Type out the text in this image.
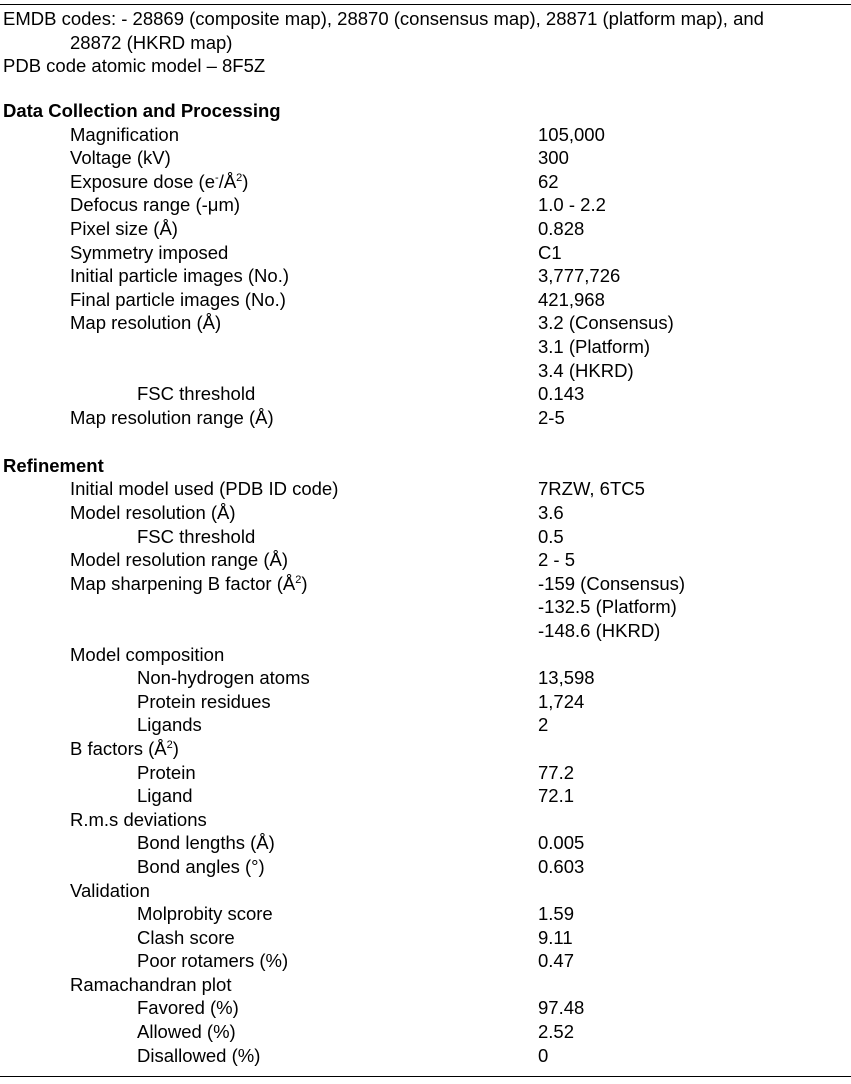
EMDB codes: - 28869 (composite map), 28870 (consensus map), 28871 (platform map), and
28872 (HKRD map)
PDB code atomic model – 8F5Z
Data Collection and Processing
Magnification	105,000
Voltage (kV)	300
Exposure dose $(e^-/Å^2)$	62
Defocus range (-μm)	1.0 - 2.2
Pixel size (Å)	0.828
Symmetry imposed	C1
Initial particle images (No.)	3,777,726
Final particle images (No.)	421,968
Map resolution (Å)	3.2 (Consensus)
3.1 (Platform)
3.4 (HKRD)
FSC threshold	0.143
Map resolution range (Å)	2-5
Refinement
Initial model used (PDB ID code)	7RZW, 6TC5
Model resolution (Å)	3.6
FSC threshold	0.5
Model resolution range (Å)	2 - 5
Map sharpening B factor $(Å^2)$	-159 (Consensus)
-132.5 (Platform)
-148.6 (HKRD)
Model composition
Non-hydrogen atoms	13,598
Protein residues	1,724
Ligands	2
B factors $(Å^2)$
Protein	77.2
Ligand	72.1
R.m.s deviations
Bond lengths (Å)	0.005
Bond angles (°)	0.603
Validation
Molprobity score	1.59
Clash score	9.11
Poor rotamers (%)	0.47
Ramachandran plot
Favored (%)	97.48
Allowed (%)	2.52
Disallowed (%)	0
